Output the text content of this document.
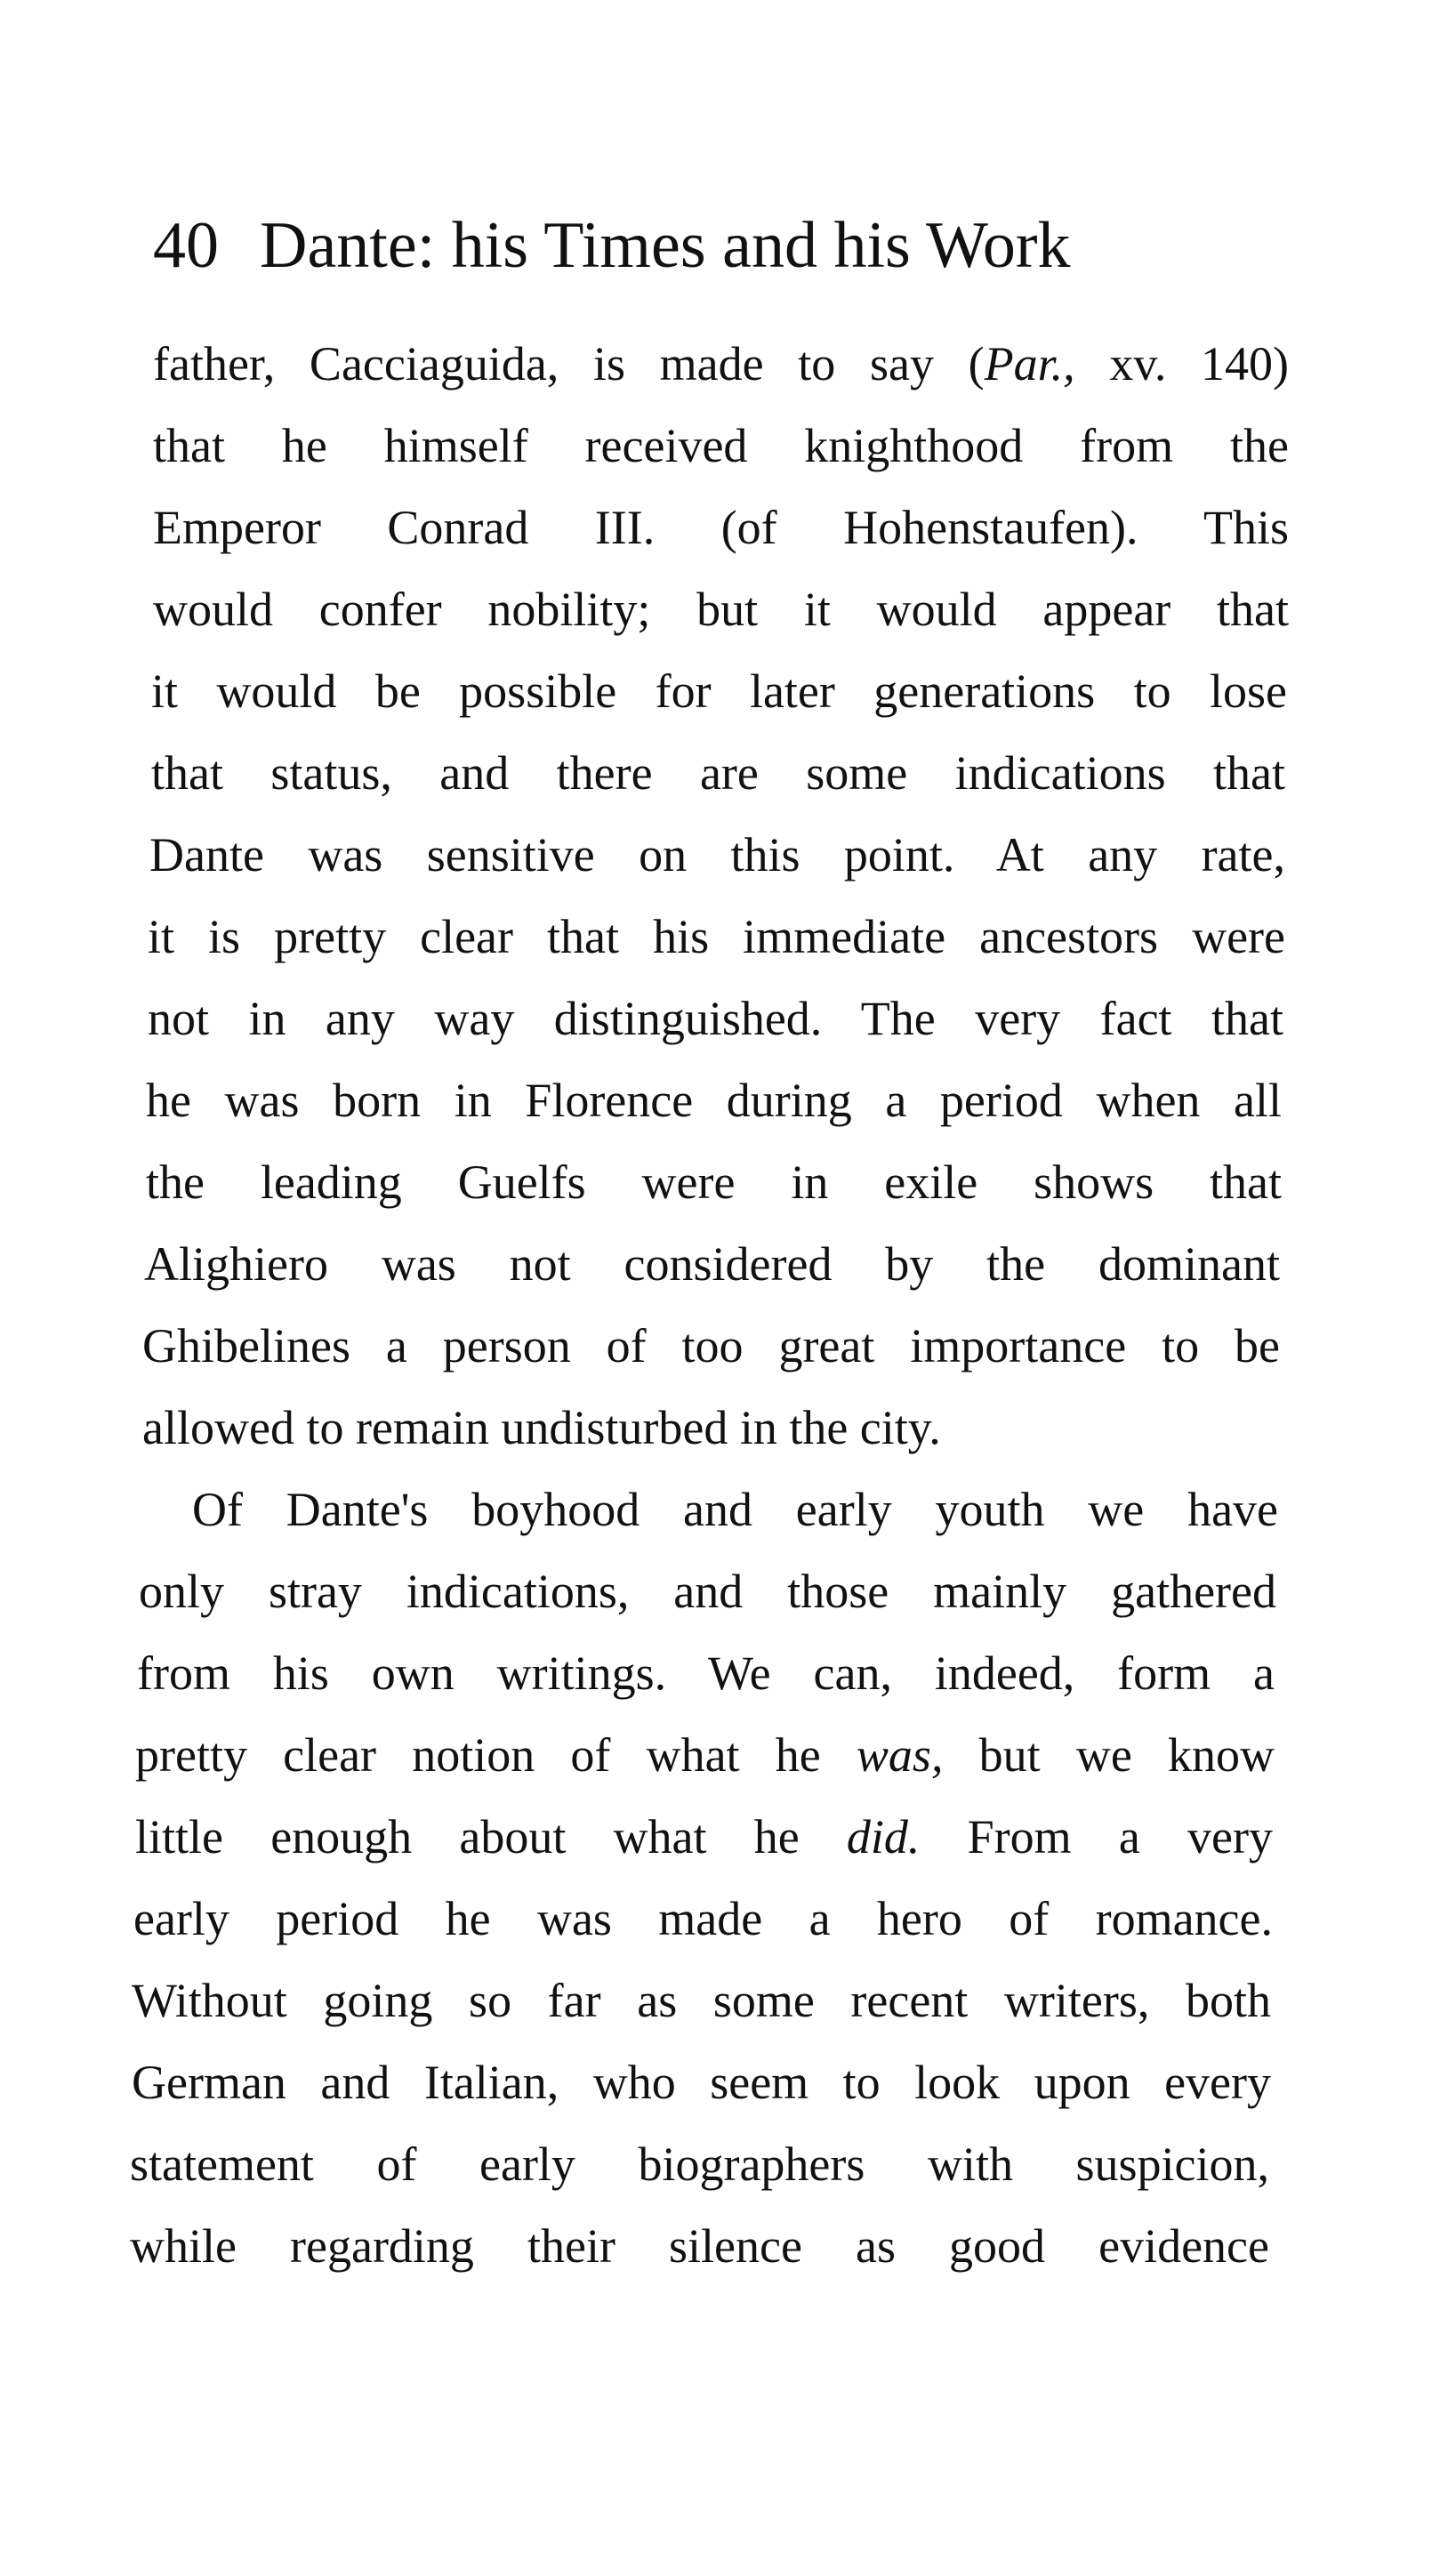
40 Dante: his Times and his Work
father, Cacciaguida, is made to say (Par., xv. 140)
that he himself received knighthood from the
Emperor Conrad III. (of Hohenstaufen). This
would confer nobility; but it would appear that
it would be possible for later generations to lose
that status, and there are some indications that
Dante was sensitive on this point. At any rate,
it is pretty clear that his immediate ancestors were
not in any way distinguished. The very fact that
he was born in Florence during a period when all
the leading Guelfs were in exile shows that
Alighiero was not considered by the dominant
Ghibelines a person of too great importance to be
allowed to remain undisturbed in the city.
Of Dante's boyhood and early youth we have
only stray indications, and those mainly gathered
from his own writings. We can, indeed, form a
pretty clear notion of what he was, but we know
little enough about what he did. From a very
early period he was made a hero of romance.
Without going so far as some recent writers, both
German and Italian, who seem to look upon every
statement of early biographers with suspicion,
while regarding their silence as good evidence
